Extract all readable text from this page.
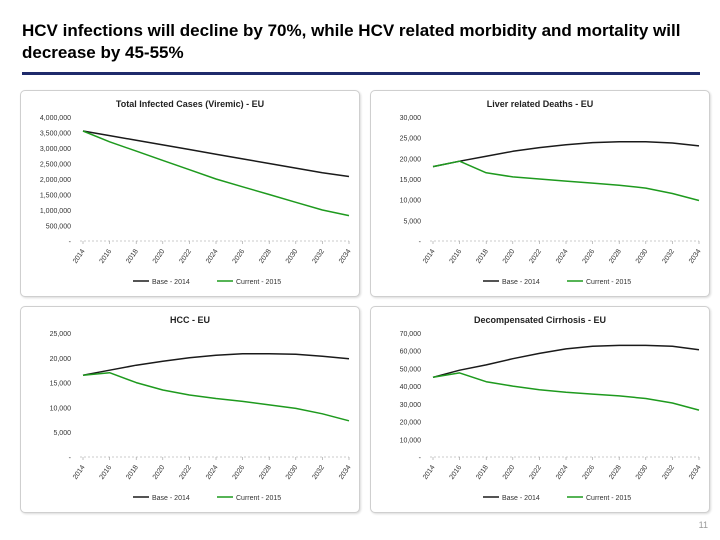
HCV infections will decline by 70%, while HCV related morbidity and mortality will decrease by 45-55%
Total Infected Cases (Viremic) - EU
-
500,000
1,000,000
1,500,000
2,000,000
2,500,000
3,000,000
3,500,000
4,000,000
2014 2016 2018 2020 2022 2024 2026 2028 2030 2032 2034
Base - 2014	Current - 2015
Liver related Deaths - EU
-
5,000
10,000
15,000
20,000
25,000
30,000
2014 2016 2018 2020 2022 2024 2026 2028 2030 2032 2034
Base - 2014	Current - 2015
HCC - EU
-
5,000
10,000
15,000
20,000
25,000
2014 2016 2018 2020 2022 2024 2026 2028 2030 2032 2034
Base - 2014	Current - 2015
Decompensated Cirrhosis - EU
-
10,000
20,000
30,000
40,000
50,000
60,000
70,000
2014 2016 2018 2020 2022 2024 2026 2028 2030 2032 2034
Base - 2014	Current - 2015
11
